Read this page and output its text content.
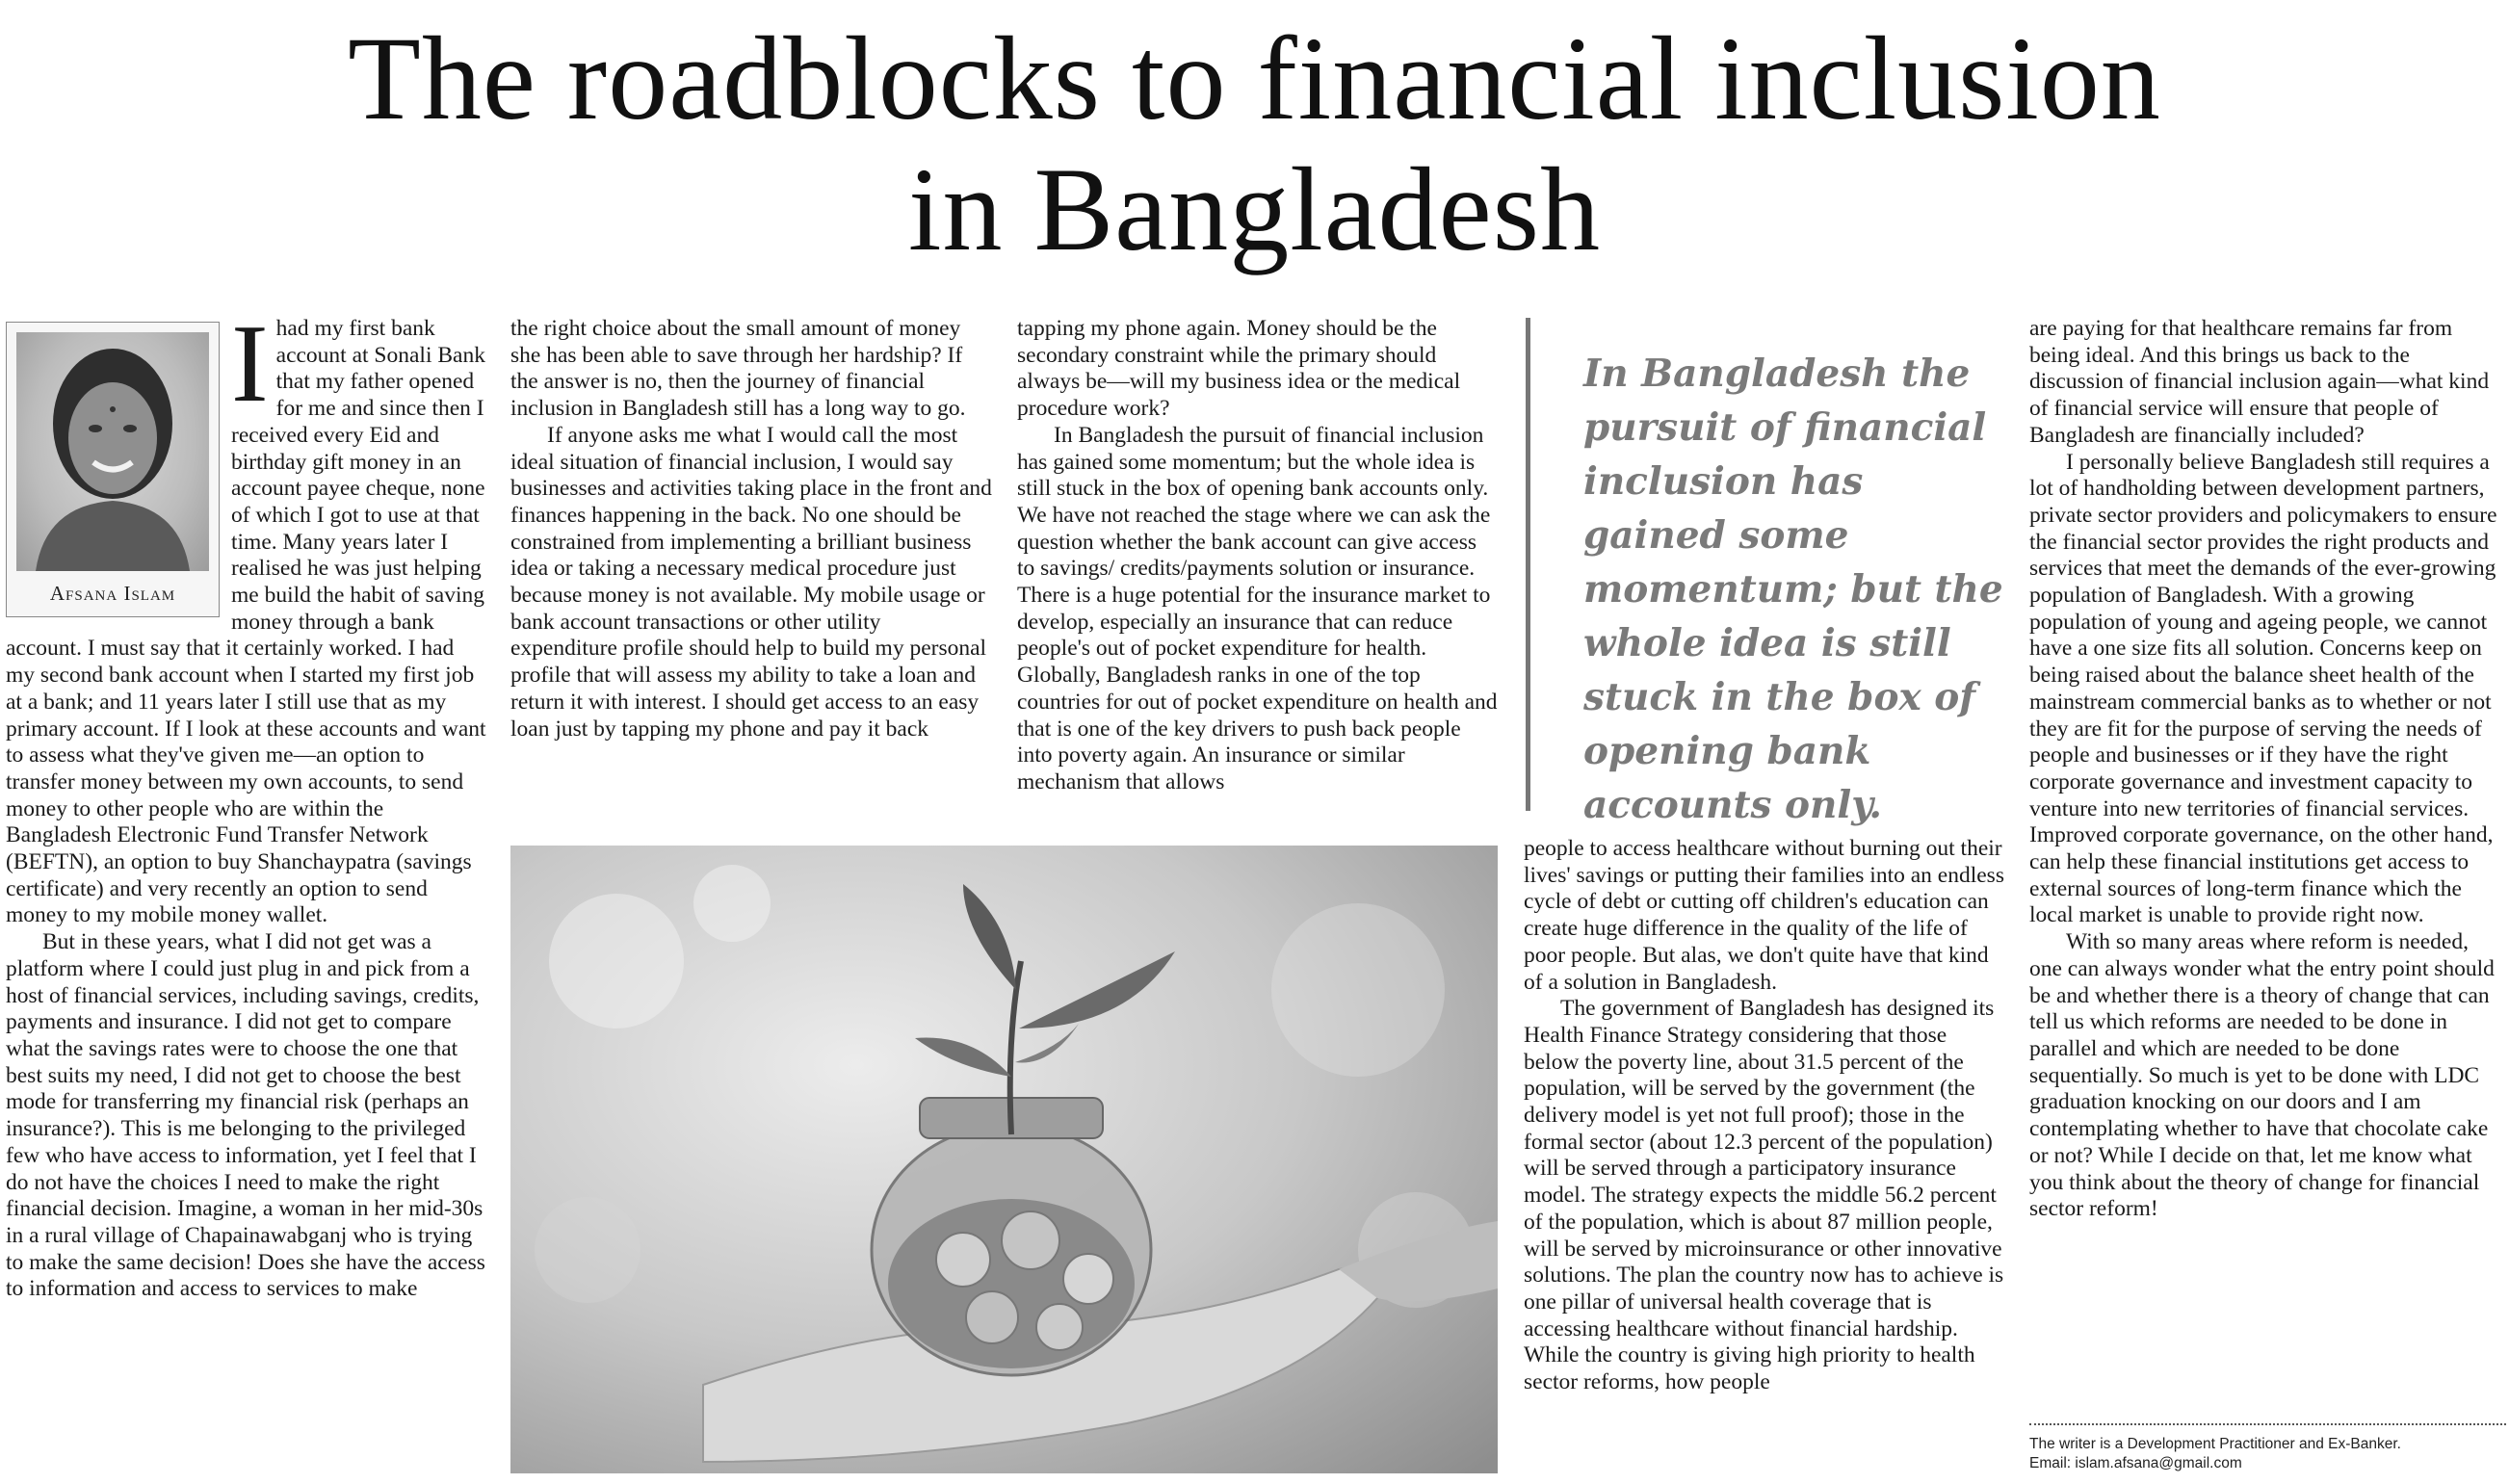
The roadblocks to financial inclusion
in Bangladesh
Afsana Islam

Ihad my first bank account at Sonali Bank that my father opened for me and since then I received every Eid and birthday gift money in an account payee cheque, none of which I got to use at that time. Many years later I realised he was just helping me build the habit of saving money through a bank account. I must say that it certainly worked. I had my second bank account when I started my first job at a bank; and 11 years later I still use that as my primary account. If I look at these accounts and want to assess what they've given me—an option to transfer money between my own accounts, to send money to other people who are within the Bangladesh Electronic Fund Transfer Network (BEFTN), an option to buy Shanchaypatra (savings certificate) and very recently an option to send money to my mobile money wallet.

But in these years, what I did not get was a platform where I could just plug in and pick from a host of financial services, including savings, credits, payments and insurance. I did not get to compare what the savings rates were to choose the one that best suits my need, I did not get to choose the best mode for transferring my financial risk (perhaps an insurance?). This is me belonging to the privileged few who have access to information, yet I feel that I do not have the choices I need to make the right financial decision. Imagine, a woman in her mid-30s in a rural village of Chapainawabganj who is trying to make the same decision! Does she have the access to information and access to services to make

the right choice about the small amount of money she has been able to save through her hardship? If the answer is no, then the journey of financial inclusion in Bangladesh still has a long way to go.

If anyone asks me what I would call the most ideal situation of financial inclusion, I would say businesses and activities taking place in the front and finances happening in the back. No one should be constrained from implementing a brilliant business idea or taking a necessary medical procedure just because money is not available. My mobile usage or bank account transactions or other utility expenditure profile should help to build my personal profile that will assess my ability to take a loan and return it with interest. I should get access to an easy loan just by tapping my phone and pay it back

tapping my phone again. Money should be the secondary constraint while the primary should always be—will my business idea or the medical procedure work?

In Bangladesh the pursuit of financial inclusion has gained some momentum; but the whole idea is still stuck in the box of opening bank accounts only. We have not reached the stage where we can ask the question whether the bank account can give access to savings/ credits/payments solution or insurance. There is a huge potential for the insurance market to develop, especially an insurance that can reduce people's out of pocket expenditure for health. Globally, Bangladesh ranks in one of the top countries for out of pocket expenditure on health and that is one of the key drivers to push back people into poverty again. An insurance or similar mechanism that allows

In Bangladesh the pursuit of financial inclusion has gained some momentum; but the whole idea is still stuck in the box of opening bank accounts only.

people to access healthcare without burning out their lives' savings or putting their families into an endless cycle of debt or cutting off children's education can create huge difference in the quality of the life of poor people. But alas, we don't quite have that kind of a solution in Bangladesh.

The government of Bangladesh has designed its Health Finance Strategy considering that those below the poverty line, about 31.5 percent of the population, will be served by the government (the delivery model is yet not full proof); those in the formal sector (about 12.3 percent of the population) will be served through a participatory insurance model. The strategy expects the middle 56.2 percent of the population, which is about 87 million people, will be served by microinsurance or other innovative solutions. The plan the country now has to achieve is one pillar of universal health coverage that is accessing healthcare without financial hardship. While the country is giving high priority to health sector reforms, how people

are paying for that healthcare remains far from being ideal. And this brings us back to the discussion of financial inclusion again—what kind of financial service will ensure that people of Bangladesh are financially included?

I personally believe Bangladesh still requires a lot of handholding between development partners, private sector providers and policymakers to ensure the financial sector provides the right products and services that meet the demands of the ever-growing population of Bangladesh. With a growing population of young and ageing people, we cannot have a one size fits all solution. Concerns keep on being raised about the balance sheet health of the mainstream commercial banks as to whether or not they are fit for the purpose of serving the needs of people and businesses or if they have the right corporate governance and investment capacity to venture into new territories of financial services. Improved corporate governance, on the other hand, can help these financial institutions get access to external sources of long-term finance which the local market is unable to provide right now.

With so many areas where reform is needed, one can always wonder what the entry point should be and whether there is a theory of change that can tell us which reforms are needed to be done in parallel and which are needed to be done sequentially. So much is yet to be done with LDC graduation knocking on our doors and I am contemplating whether to have that chocolate cake or not? While I decide on that, let me know what you think about the theory of change for financial sector reform!

The writer is a Development Practitioner and Ex-Banker.
Email: islam.afsana@gmail.com
